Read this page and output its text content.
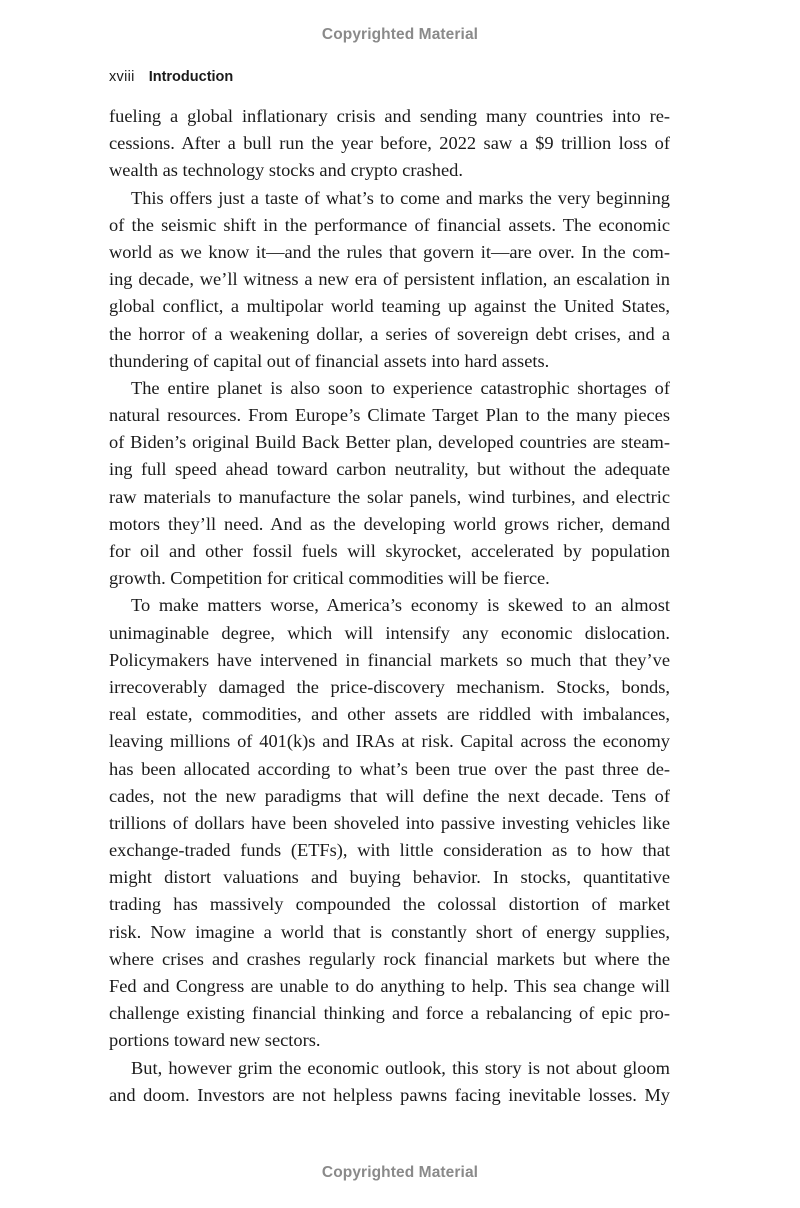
Copyrighted Material
xviii Introduction
fueling a global inflationary crisis and sending many countries into re-
cessions. After a bull run the year before, 2022 saw a $9 trillion loss of
wealth as technology stocks and crypto crashed.
This offers just a taste of what’s to come and marks the very beginning
of the seismic shift in the performance of financial assets. The economic
world as we know it—and the rules that govern it—are over. In the com-
ing decade, we’ll witness a new era of persistent inflation, an escalation in
global conflict, a multipolar world teaming up against the United States,
the horror of a weakening dollar, a series of sovereign debt crises, and a
thundering of capital out of financial assets into hard assets.
The entire planet is also soon to experience catastrophic shortages of
natural resources. From Europe’s Climate Target Plan to the many pieces
of Biden’s original Build Back Better plan, developed countries are steam-
ing full speed ahead toward carbon neutrality, but without the adequate
raw materials to manufacture the solar panels, wind turbines, and electric
motors they’ll need. And as the developing world grows richer, demand
for oil and other fossil fuels will skyrocket, accelerated by population
growth. Competition for critical commodities will be fierce.
To make matters worse, America’s economy is skewed to an almost
unimaginable degree, which will intensify any economic dislocation.
Policymakers have intervened in financial markets so much that they’ve
irrecoverably damaged the price-discovery mechanism. Stocks, bonds,
real estate, commodities, and other assets are riddled with imbalances,
leaving millions of 401(k)s and IRAs at risk. Capital across the economy
has been allocated according to what’s been true over the past three de-
cades, not the new paradigms that will define the next decade. Tens of
trillions of dollars have been shoveled into passive investing vehicles like
exchange-traded funds (ETFs), with little consideration as to how that
might distort valuations and buying behavior. In stocks, quantitative
trading has massively compounded the colossal distortion of market
risk. Now imagine a world that is constantly short of energy supplies,
where crises and crashes regularly rock financial markets but where the
Fed and Congress are unable to do anything to help. This sea change will
challenge existing financial thinking and force a rebalancing of epic pro-
portions toward new sectors.
But, however grim the economic outlook, this story is not about gloom
and doom. Investors are not helpless pawns facing inevitable losses. My
Copyrighted Material
